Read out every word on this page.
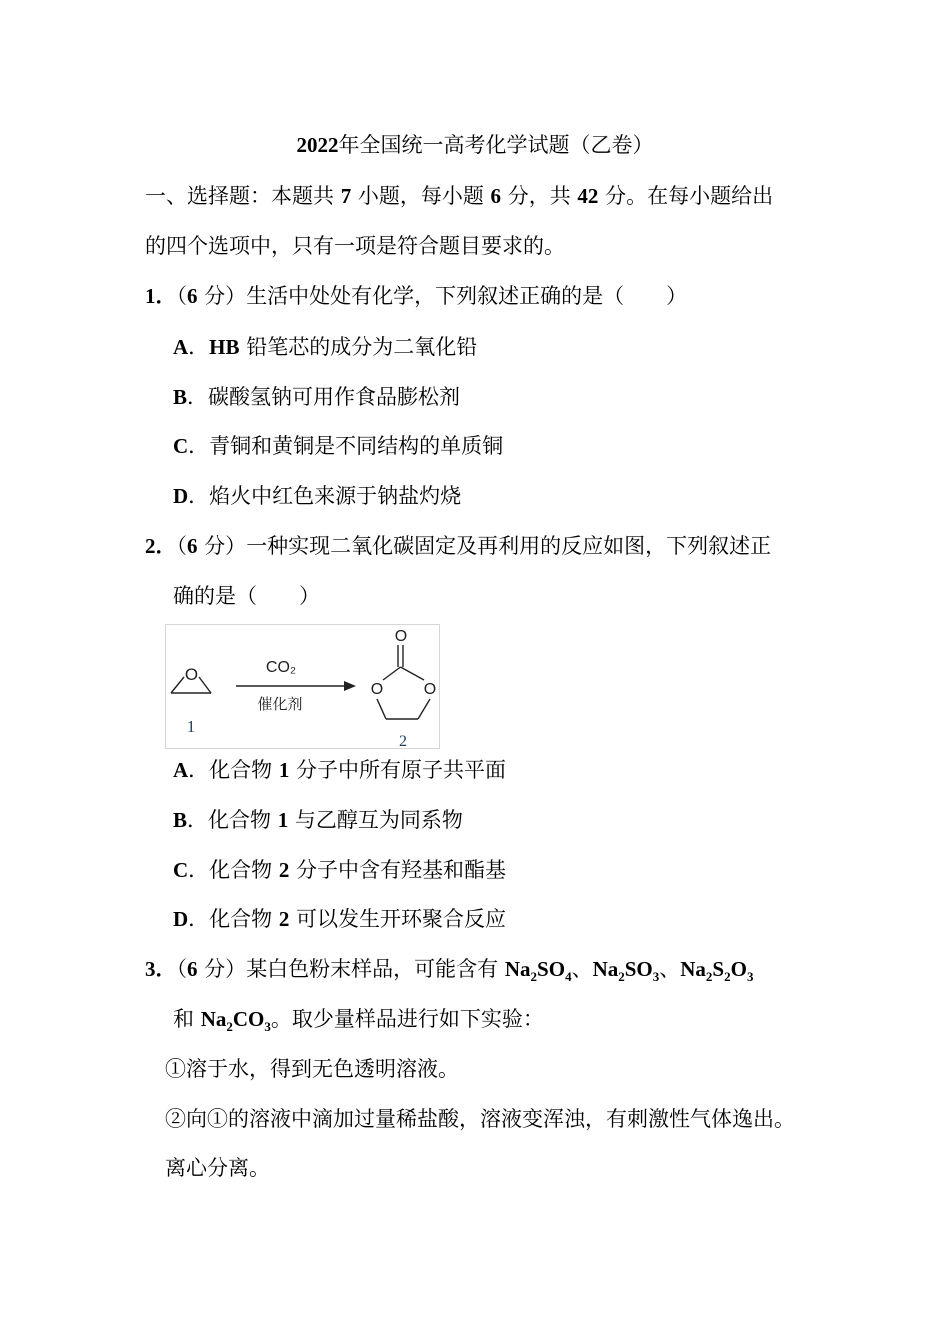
2022年全国统一高考化学试题（乙卷）
一、选择题：本题共 7 小题，每小题 6 分，共 42 分。在每小题给出
的四个选项中，只有一项是符合题目要求的。
1．（6 分）生活中处处有化学，下列叙述正确的是（　　）
A．HB 铅笔芯的成分为二氧化铅
B．碳酸氢钠可用作食品膨松剂
C．青铜和黄铜是不同结构的单质铜
D．焰火中红色来源于钠盐灼烧
2．（6 分）一种实现二氧化碳固定及再利用的反应如图，下列叙述正
确的是（　　）
O
1
CO₂
催化剂
O
O	O
2
A．化合物 1 分子中所有原子共平面
B．化合物 1 与乙醇互为同系物
C．化合物 2 分子中含有羟基和酯基
D．化合物 2 可以发生开环聚合反应
3．（6 分）某白色粉末样品，可能含有 $Na_2SO_4$、$Na_2SO_3$、$Na_2S_2O_3$
和 $Na_2CO_3$。取少量样品进行如下实验：
①溶于水，得到无色透明溶液。
②向①的溶液中滴加过量稀盐酸，溶液变浑浊，有刺激性气体逸出。
离心分离。
